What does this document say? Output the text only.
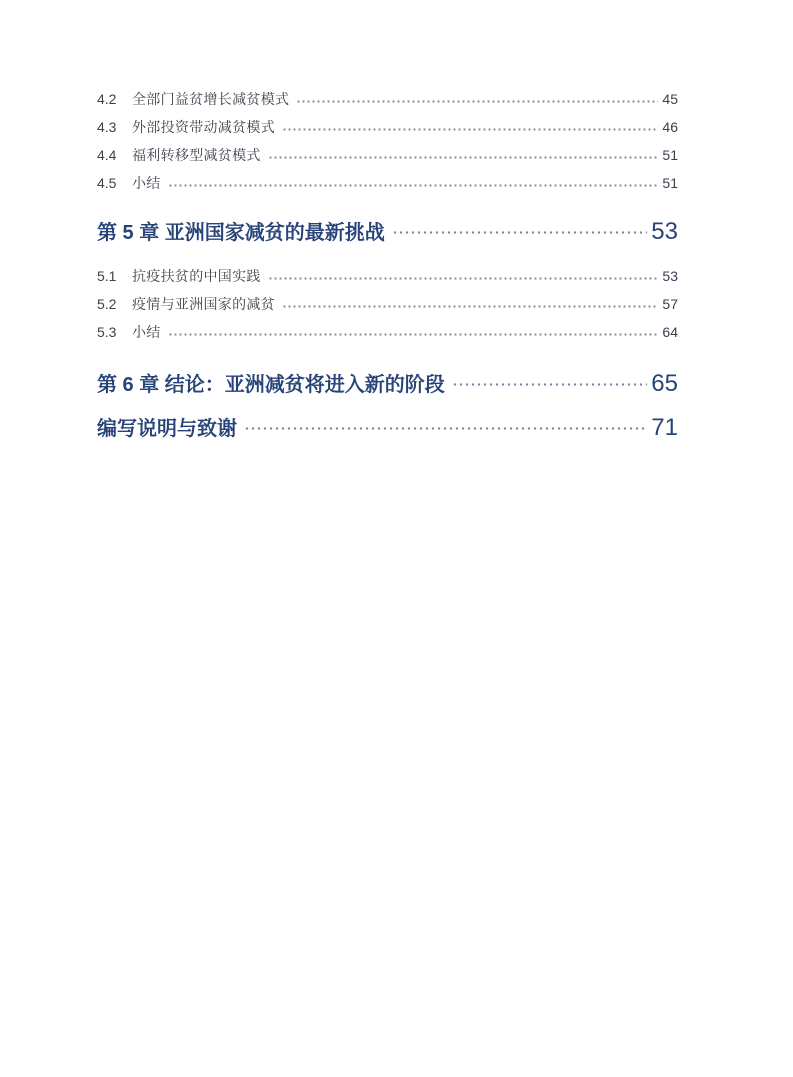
4.2	全部门益贫增长减贫模式	45
4.3	外部投资带动减贫模式	46
4.4	福利转移型减贫模式	51
4.5	小结	51
第 5 章 亚洲国家减贫的最新挑战	53
5.1	抗疫扶贫的中国实践	53
5.2	疫情与亚洲国家的减贫	57
5.3	小结	64
第 6 章 结论：亚洲减贫将进入新的阶段	65
编写说明与致谢	71
